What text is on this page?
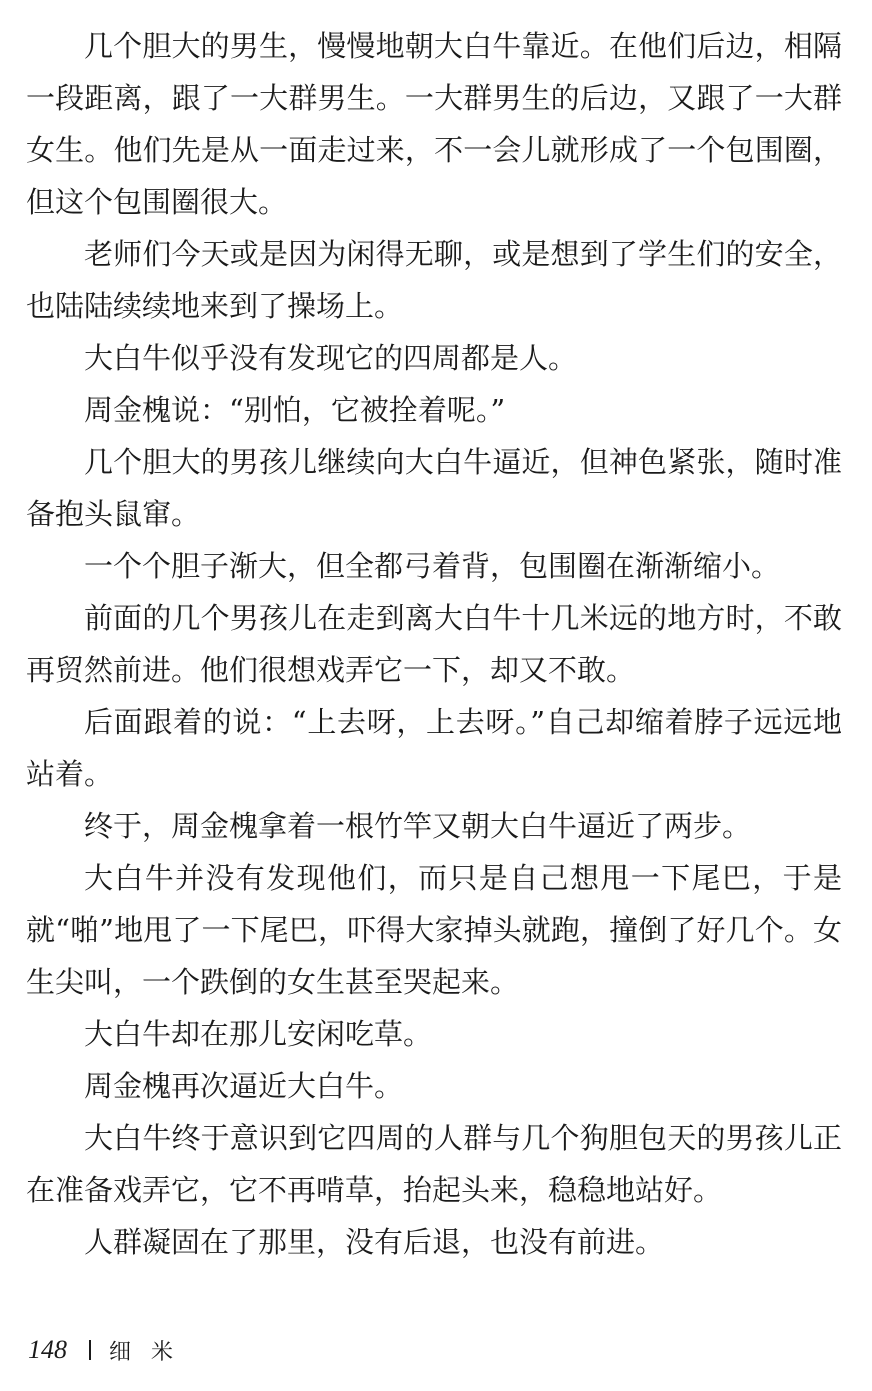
几个胆大的男生，慢慢地朝大白牛靠近。在他们后边，相隔一段距离，跟了一大群男生。一大群男生的后边，又跟了一大群女生。他们先是从一面走过来，不一会儿就形成了一个包围圈，但这个包围圈很大。

老师们今天或是因为闲得无聊，或是想到了学生们的安全，也陆陆续续地来到了操场上。

大白牛似乎没有发现它的四周都是人。

周金槐说：“别怕，它被拴着呢。”

几个胆大的男孩儿继续向大白牛逼近，但神色紧张，随时准备抱头鼠窜。

一个个胆子渐大，但全都弓着背，包围圈在渐渐缩小。

前面的几个男孩儿在走到离大白牛十几米远的地方时，不敢再贸然前进。他们很想戏弄它一下，却又不敢。

后面跟着的说：“上去呀，上去呀。”自己却缩着脖子远远地站着。

终于，周金槐拿着一根竹竿又朝大白牛逼近了两步。

大白牛并没有发现他们，而只是自己想甩一下尾巴，于是就“啪”地甩了一下尾巴，吓得大家掉头就跑，撞倒了好几个。女生尖叫，一个跌倒的女生甚至哭起来。

大白牛却在那儿安闲吃草。

周金槐再次逼近大白牛。

大白牛终于意识到它四周的人群与几个狗胆包天的男孩儿正在准备戏弄它，它不再啃草，抬起头来，稳稳地站好。

人群凝固在了那里，没有后退，也没有前进。

148 细米
